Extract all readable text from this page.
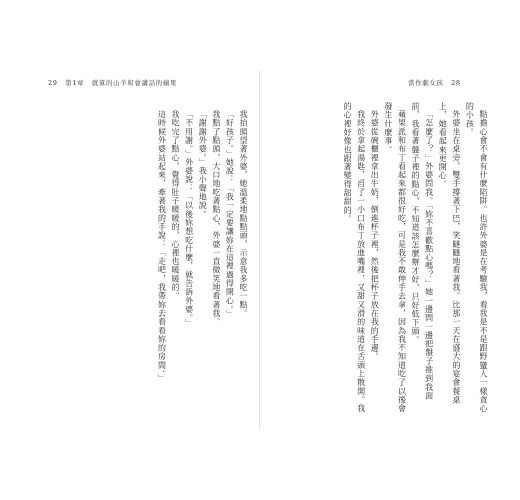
29 第1章 就算的山羊和會講話的蘋果	當作劇女孩 28

點擔心會不會有什麼陷阱。也許外婆是在考驗我，看我是不是跟野蠻人一樣貪心的小孩。

外婆坐在桌旁，雙手撐著下巴，笑瞇瞇地看著我。比那一天在盛大的宴會餐桌上，她看起來更開心。

「怎麼了？」外婆問我。「妳不喜歡點心嗎？」她一邊問一邊把盤子推到我面前，我看著盤子裡的點心，不知道該怎麼辦才好，只好低下頭。

蘋果派和布丁看起來都很好吃，可是我不敢伸手去拿，因為我不知道吃了以後會發生什麼事。

外婆從碗櫃裡拿出牛奶，倒進杯子裡，然後把杯子放在我的手邊。

我終於拿起湯匙，舀了一小口布丁放進嘴裡，又甜又滑的味道在舌頭上散開。我的心裡好像也跟著變得甜甜的。

我抬頭望著外婆，她溫柔地點點頭，示意我多吃一點。

「好孩子。」她說：「我一定要讓妳在這裡過得開心。」

我點了點頭，大口地吃著點心，外婆一直微笑地看著我。

「謝謝外婆。」我小聲地說。

「不用謝。」外婆說：「以後妳想吃什麼，就告訴外婆。」

我吃完了點心，覺得肚子暖暖的，心裡也暖暖的。

這時候外婆站起來，牽著我的手說：「走吧，我帶妳去看看妳的房間。」
